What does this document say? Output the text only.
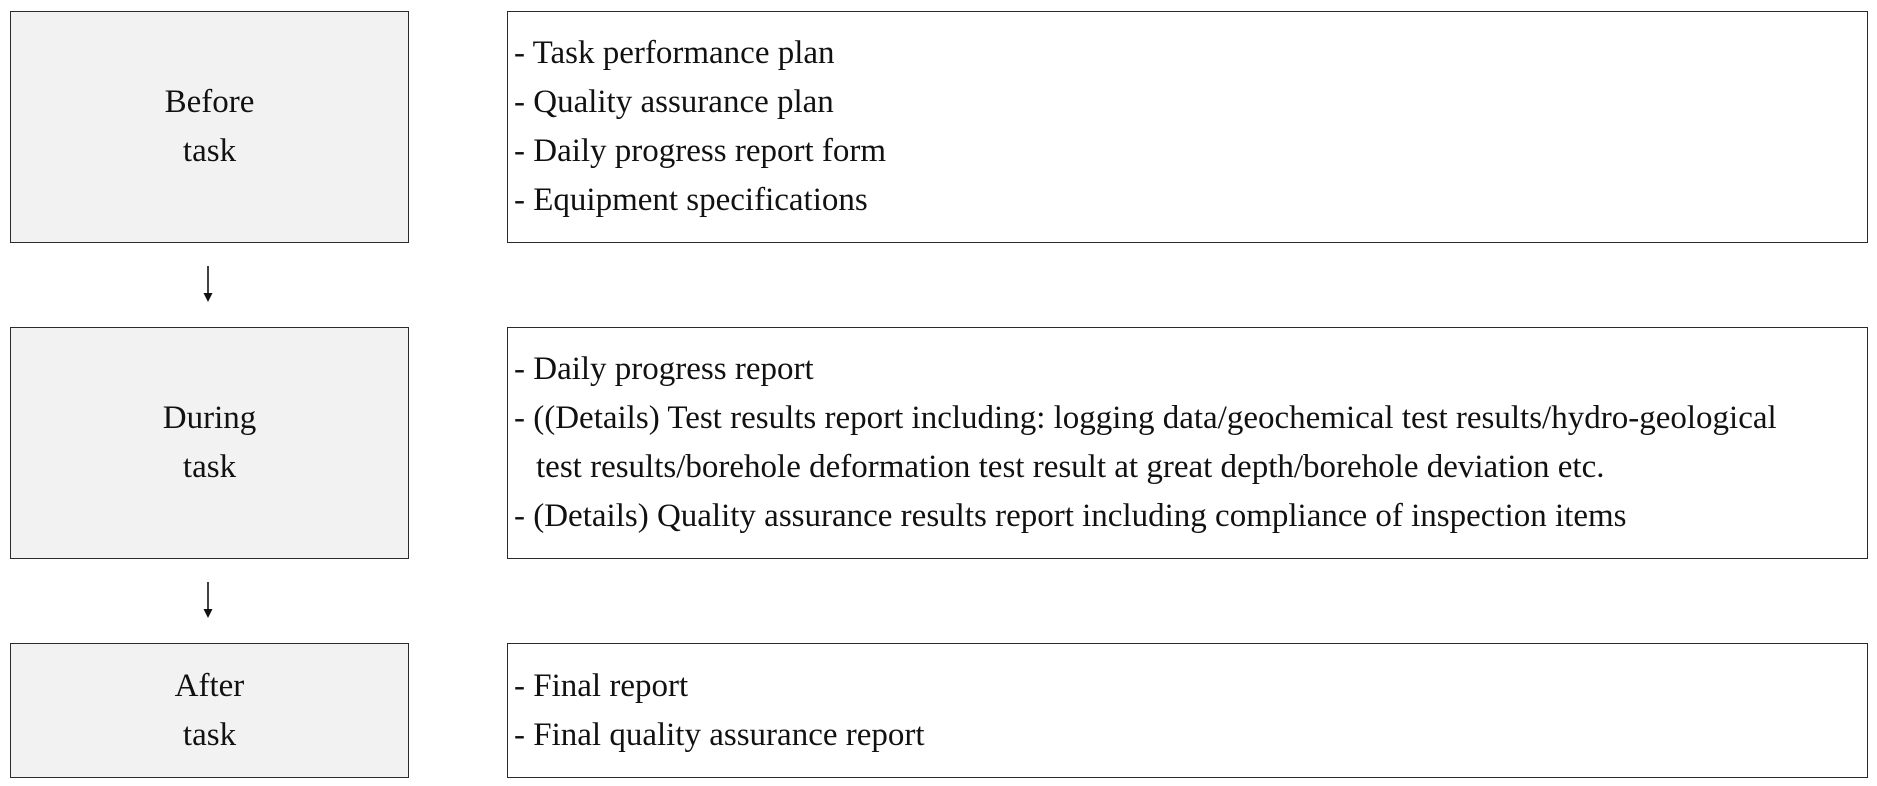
Before
task
- Task performance plan
- Quality assurance plan
- Daily progress report form
- Equipment specifications
During
task
- Daily progress report
- ((Details) Test results report including: logging data/geochemical test results/hydro-geological
test results/borehole deformation test result at great depth/borehole deviation etc.
- (Details) Quality assurance results report including compliance of inspection items
After
task
- Final report
- Final quality assurance report
